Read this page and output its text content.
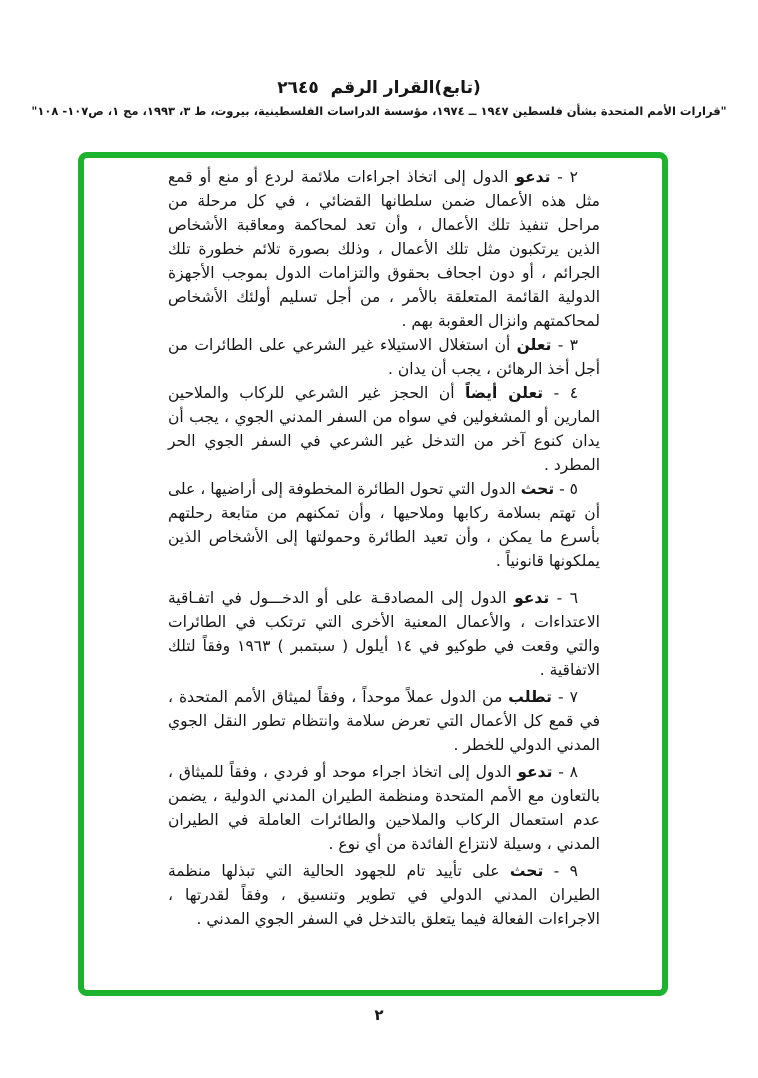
(تابع)القرار الرقم  ٢٦٤٥
"قرارات الأمم المتحدة بشأن فلسطين ١٩٤٧ ــ ١٩٧٤، مؤسسة الدراسات الفلسطينية، بيروت، ط ٣، ١٩٩٣، مج ١، ص١٠٧- ١٠٨"

٢ - تدعو الدول إلى اتخاذ اجراءات ملائمة لردع أو منع أو قمع مثل هذه الأعمال ضمن سلطانها القضائي ، في كل مرحلة من مراحل تنفيذ تلك الأعمال ، وأن تعد لمحاكمة ومعاقبة الأشخاص الذين يرتكبون مثل تلك الأعمال ، وذلك بصورة تلائم خطورة تلك الجرائم ، أو دون اجحاف بحقوق والتزامات الدول بموجب الأجهزة الدولية القائمة المتعلقة بالأمر ، من أجل تسليم أولئك الأشخاص لمحاكمتهم وانزال العقوبة بهم .

٣ - تعلن أن استغلال الاستيلاء غير الشرعي على الطائرات من أجل أخذ الرهائن ، يجب أن يدان .

٤ - تعلن أيضاً أن الحجز غير الشرعي للركاب والملاحين المارين أو المشغولين في سواه من السفر المدني الجوي ، يجب أن يدان كنوع آخر من التدخل غير الشرعي في السفر الجوي الحر المطرد .

٥ - تحث الدول التي تحول الطائرة المخطوفة إلى أراضيها ، على أن تهتم بسلامة ركابها وملاحيها ، وأن تمكنهم من متابعة رحلتهم بأسرع ما يمكن ، وأن تعيد الطائرة وحمولتها إلى الأشخاص الذين يملكونها قانونياً .

٦ - تدعو الدول إلى المصادقـة على أو الدخـــول في اتفـاقية الاعتداءات ، والأعمال المعنية الأخرى التي ترتكب في الطائرات والتي وقعت في طوكيو في ١٤ أيلول ( سبتمبر ) ١٩٦٣ وفقاً لتلك الاتفاقية .

٧ - تطلب من الدول عملاً موحداً ، وفقاً لميثاق الأمم المتحدة ، في قمع كل الأعمال التي تعرض سلامة وانتظام تطور النقل الجوي المدني الدولي للخطر .

٨ - تدعو الدول إلى اتخاذ اجراء موحد أو فردي ، وفقاً للميثاق ، بالتعاون مع الأمم المتحدة ومنظمة الطيران المدني الدولية ، يضمن عدم استعمال الركاب والملاحين والطائرات العاملة في الطيران المدني ، وسيلة لانتزاع الفائدة من أي نوع .

٩ - تحث على تأييد تام للجهود الحالية التي تبذلها منظمة الطيران المدني الدولي في تطوير وتنسيق ، وفقاً لقدرتها ، الاجراءات الفعالة فيما يتعلق بالتدخل في السفر الجوي المدني .

٢
